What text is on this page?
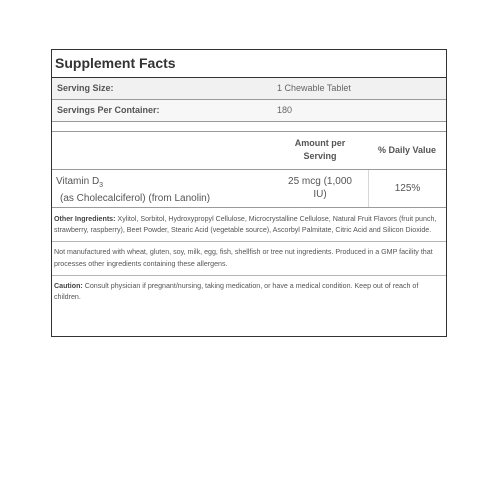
Supplement Facts
Serving Size:	1 Chewable Tablet
Servings Per Container:	180
Amount per
Serving
% Daily Value
Vitamin $D_3$
(as Cholecalciferol) (from Lanolin)
25 mcg (1,000
IU)
125%

Other Ingredients: Xylitol, Sorbitol, Hydroxypropyl Cellulose, Microcrystalline Cellulose, Natural Fruit Flavors (fruit punch, strawberry, raspberry), Beet Powder, Stearic Acid (vegetable source), Ascorbyl Palmitate, Citric Acid and Silicon Dioxide.

Not manufactured with wheat, gluten, soy, milk, egg, fish, shellfish or tree nut ingredients. Produced in a GMP facility that processes other ingredients containing these allergens.

Caution: Consult physician if pregnant/nursing, taking medication, or have a medical condition. Keep out of reach of children.
